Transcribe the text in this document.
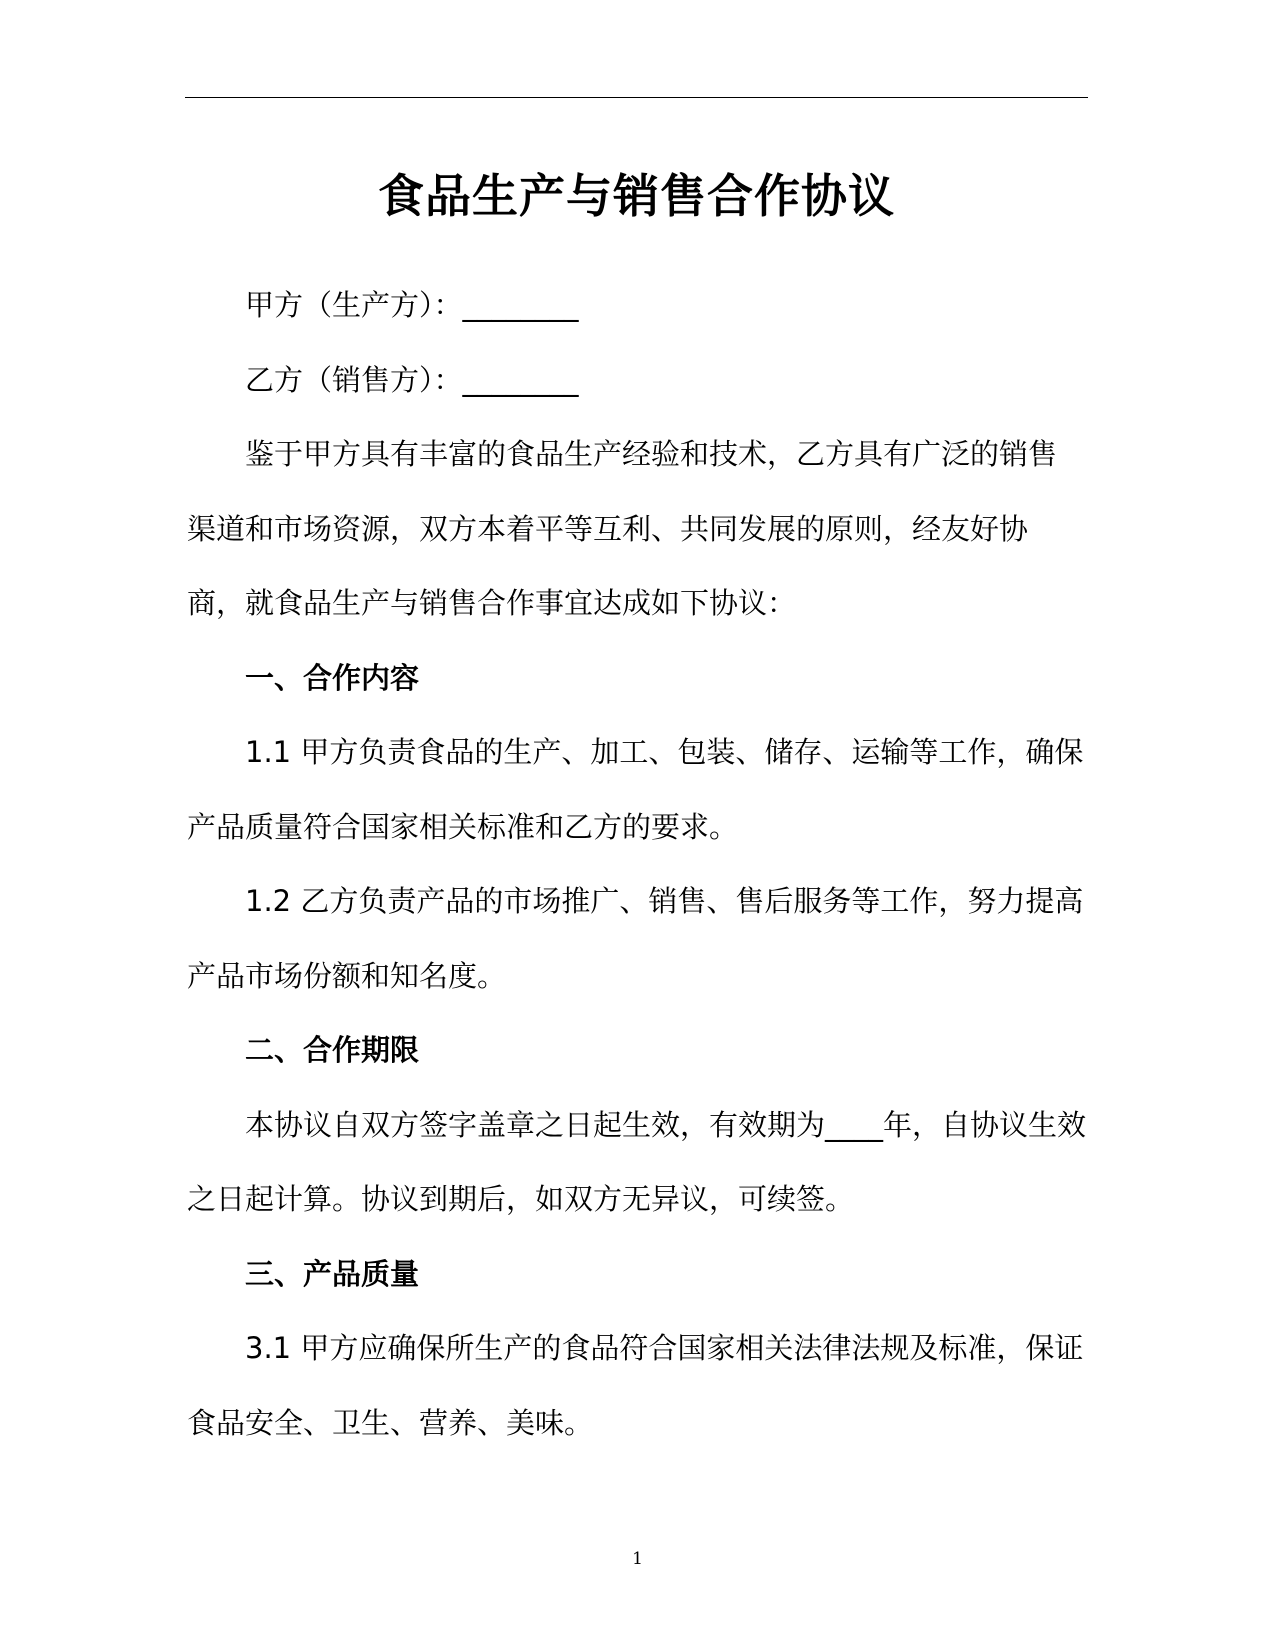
食品生产与销售合作协议

甲方（生产方）：________

乙方（销售方）：________

鉴于甲方具有丰富的食品生产经验和技术，乙方具有广泛的销售

渠道和市场资源，双方本着平等互利、共同发展的原则，经友好协

商，就食品生产与销售合作事宜达成如下协议：

一、合作内容

1.1 甲方负责食品的生产、加工、包装、储存、运输等工作，确保

产品质量符合国家相关标准和乙方的要求。

1.2 乙方负责产品的市场推广、销售、售后服务等工作，努力提高

产品市场份额和知名度。

二、合作期限

本协议自双方签字盖章之日起生效，有效期为____年，自协议生效

之日起计算。协议到期后，如双方无异议，可续签。

三、产品质量

3.1 甲方应确保所生产的食品符合国家相关法律法规及标准，保证

食品安全、卫生、营养、美味。

1
